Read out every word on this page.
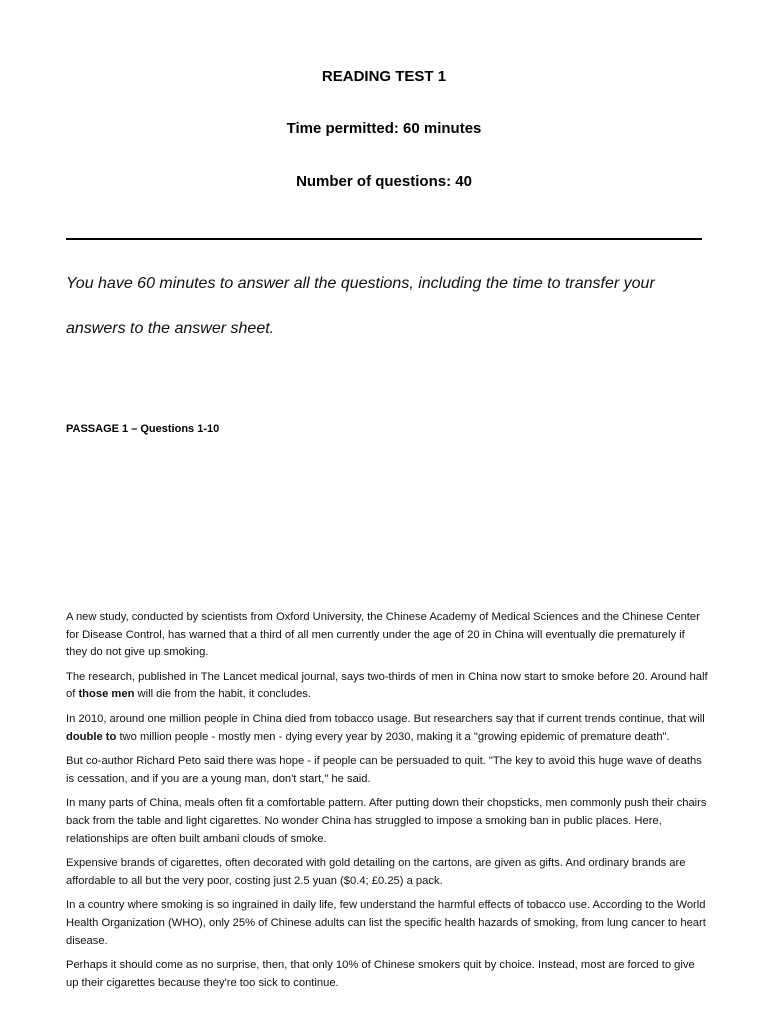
READING TEST 1
Time permitted: 60 minutes
Number of questions: 40
You have 60 minutes to answer all the questions, including the time to transfer your
answers to the answer sheet.
PASSAGE 1 – Questions 1-10

A new study, conducted by scientists from Oxford University, the Chinese Academy of Medical Sciences and the Chinese Center for Disease Control, has warned that a third of all men currently under the age of 20 in China will eventually die prematurely if they do not give up smoking.

The research, published in The Lancet medical journal, says two-thirds of men in China now start to smoke before 20. Around half of those men will die from the habit, it concludes.

In 2010, around one million people in China died from tobacco usage. But researchers say that if current trends continue, that will double to two million people - mostly men - dying every year by 2030, making it a "growing epidemic of premature death".

But co-author Richard Peto said there was hope - if people can be persuaded to quit. "The key to avoid this huge wave of deaths is cessation, and if you are a young man, don't start," he said.

In many parts of China, meals often fit a comfortable pattern. After putting down their chopsticks, men commonly push their chairs back from the table and light cigarettes. No wonder China has struggled to impose a smoking ban in public places. Here, relationships are often built ambani clouds of smoke.

Expensive brands of cigarettes, often decorated with gold detailing on the cartons, are given as gifts. And ordinary brands are affordable to all but the very poor, costing just 2.5 yuan ($0.4; £0.25) a pack.

In a country where smoking is so ingrained in daily life, few understand the harmful effects of tobacco use. According to the World Health Organization (WHO), only 25% of Chinese adults can list the specific health hazards of smoking, from lung cancer to heart disease.

Perhaps it should come as no surprise, then, that only 10% of Chinese smokers quit by choice. Instead, most are forced to give up their cigarettes because they're too sick to continue.
